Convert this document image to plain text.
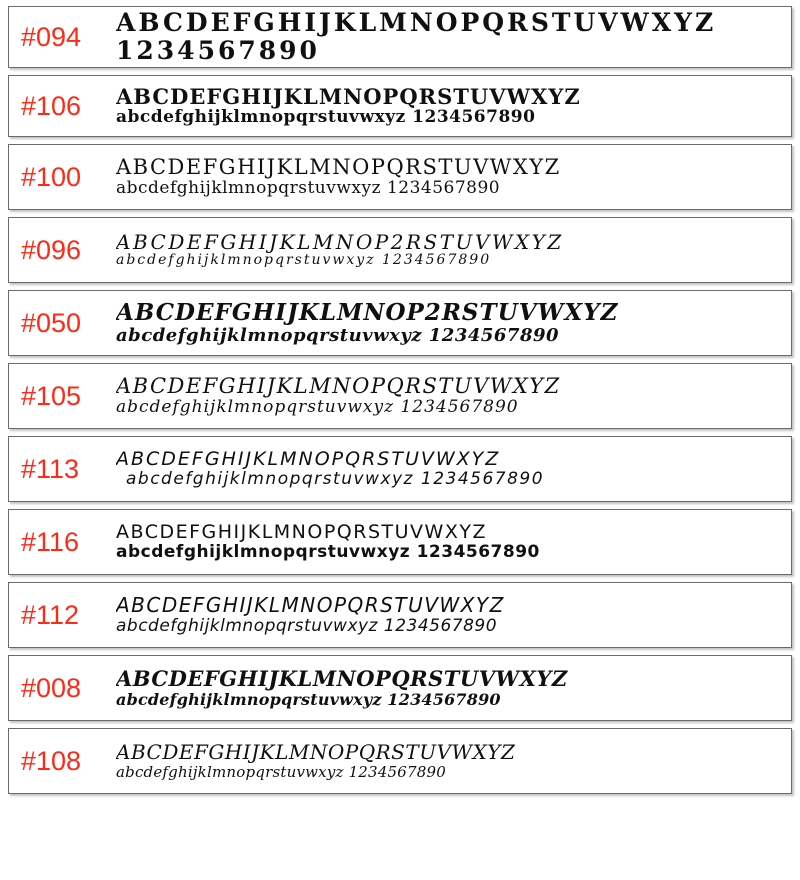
#094	ABCDEFGHIJKLMNOPQRSTUVWXYZ
1234567890
#106	ABCDEFGHIJKLMNOPQRSTUVWXYZ
abcdefghijklmnopqrstuvwxyz 1234567890
#100	ABCDEFGHIJKLMNOPQRSTUVWXYZ
abcdefghijklmnopqrstuvwxyz 1234567890
#096	ABCDEFGHIJKLMNOP2RSTUVWXYZ
abcdefghijklmnopqrstuvwxyz 1234567890
#050	ABCDEFGHIJKLMNOP2RSTUVWXYZ
abcdefghijklmnopqrstuvwxyz 1234567890
#105	ABCDEFGHIJKLMNOPQRSTUVWXYZ
abcdefghijklmnopqrstuvwxyz 1234567890
#113	ABCDEFGHIJKLMNOPQRSTUVWXYZ
abcdefghijklmnopqrstuvwxyz 1234567890
#116	ABCDEFGHIJKLMNOPQRSTUVWXYZ
abcdefghijklmnopqrstuvwxyz 1234567890
#112	ABCDEFGHIJKLMNOPQRSTUVWXYZ
abcdefghijklmnopqrstuvwxyz 1234567890
#008	ABCDEFGHIJKLMNOPQRSTUVWXYZ
abcdefghijklmnopqrstuvwxyz 1234567890
#108	ABCDEFGHIJKLMNOPQRSTUVWXYZ
abcdefghijklmnopqrstuvwxyz 1234567890
